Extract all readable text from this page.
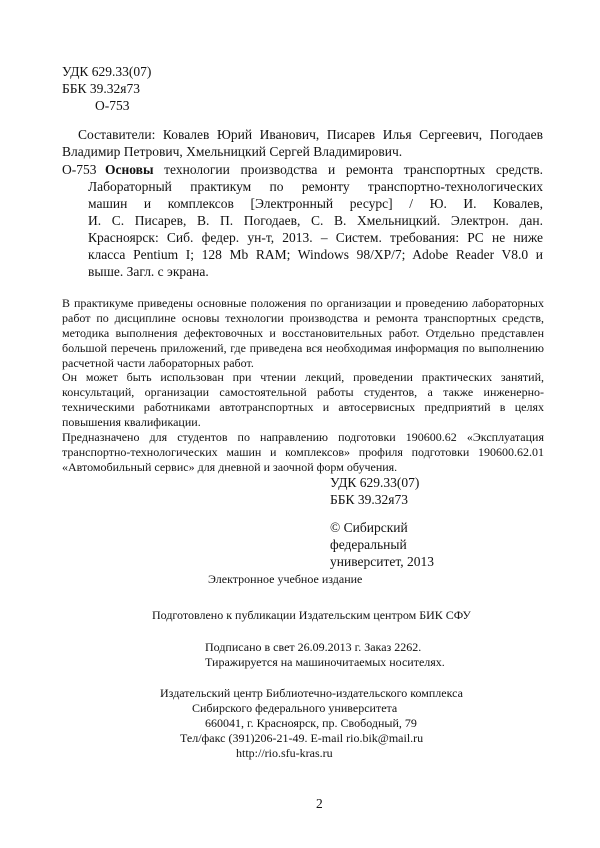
УДК 629.33(07)
ББК 39.32я73
О-753
Составители: Ковалев Юрий Иванович, Писарев Илья Сергеевич, Погодаев
Владимир Петрович, Хмельницкий Сергей Владимирович.
О-753 Основы технологии производства и ремонта транспортных средств.
Лабораторный практикум по ремонту транспортно-технологических
машин и комплексов [Электронный ресурс] / Ю. И. Ковалев,
И. С. Писарев, В. П. Погодаев, С. В. Хмельницкий. Электрон. дан.
Красноярск: Сиб. федер. ун-т, 2013. – Систем. требования: PC не ниже
класса Pentium I; 128 Mb RAM; Windows 98/XP/7; Adobe Reader V8.0 и
выше. Загл. с экрана.
В практикуме приведены основные положения по организации и проведению лабораторных
работ по дисциплине основы технологии производства и ремонта транспортных средств,
методика выполнения дефектовочных и восстановительных работ. Отдельно представлен
большой перечень приложений, где приведена вся необходимая информация по выполнению
расчетной части лабораторных работ.
Он может быть использован при чтении лекций, проведении практических занятий,
консультаций, организации самостоятельной работы студентов, а также инженерно-
техническими работниками автотранспортных и автосервисных предприятий в целях
повышения квалификации.
Предназначено для студентов по направлению подготовки 190600.62 «Эксплуатация
транспортно-технологических машин и комплексов» профиля подготовки 190600.62.01
«Автомобильный сервис» для дневной и заочной форм обучения.
УДК 629.33(07)
ББК 39.32я73
© Сибирский
федеральный
университет, 2013
Электронное учебное издание
Подготовлено к публикации Издательским центром БИК СФУ
Подписано в свет 26.09.2013 г. Заказ 2262.
Тиражируется на машиночитаемых носителях.
Издательский центр Библиотечно-издательского комплекса
Сибирского федерального университета
660041, г. Красноярск, пр. Свободный, 79
Тел/факс (391)206-21-49. E-mail rio.bik@mail.ru
http://rio.sfu-kras.ru
2
